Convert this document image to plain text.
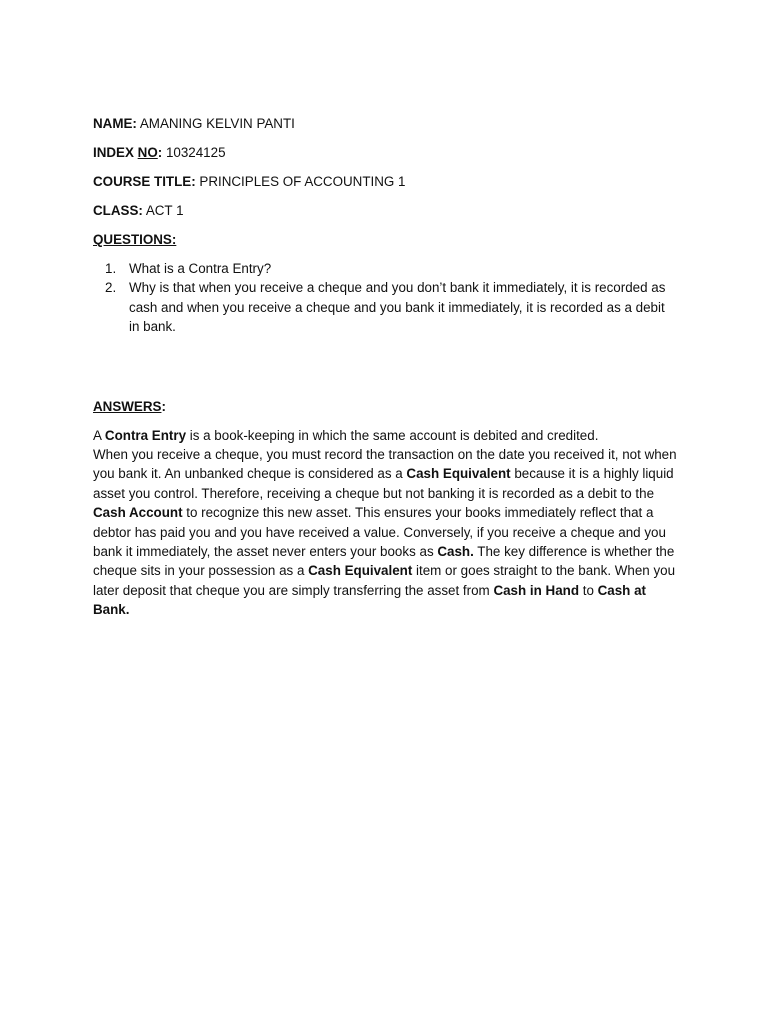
NAME: AMANING KELVIN PANTI
INDEX NO: 10324125
COURSE TITLE: PRINCIPLES OF ACCOUNTING 1
CLASS: ACT 1
QUESTIONS:
1. What is a Contra Entry?
2. Why is that when you receive a cheque and you don’t bank it immediately, it is recorded as cash and when you receive a cheque and you bank it immediately, it is recorded as a debit in bank.
ANSWERS:

A Contra Entry is a book-keeping in which the same account is debited and credited.

When you receive a cheque, you must record the transaction on the date you received it, not when you bank it. An unbanked cheque is considered as a Cash Equivalent because it is a highly liquid asset you control. Therefore, receiving a cheque but not banking it is recorded as a debit to the Cash Account to recognize this new asset. This ensures your books immediately reflect that a debtor has paid you and you have received a value. Conversely, if you receive a cheque and you bank it immediately, the asset never enters your books as Cash. The key difference is whether the cheque sits in your possession as a Cash Equivalent item or goes straight to the bank. When you later deposit that cheque you are simply transferring the asset from Cash in Hand to Cash at Bank.
